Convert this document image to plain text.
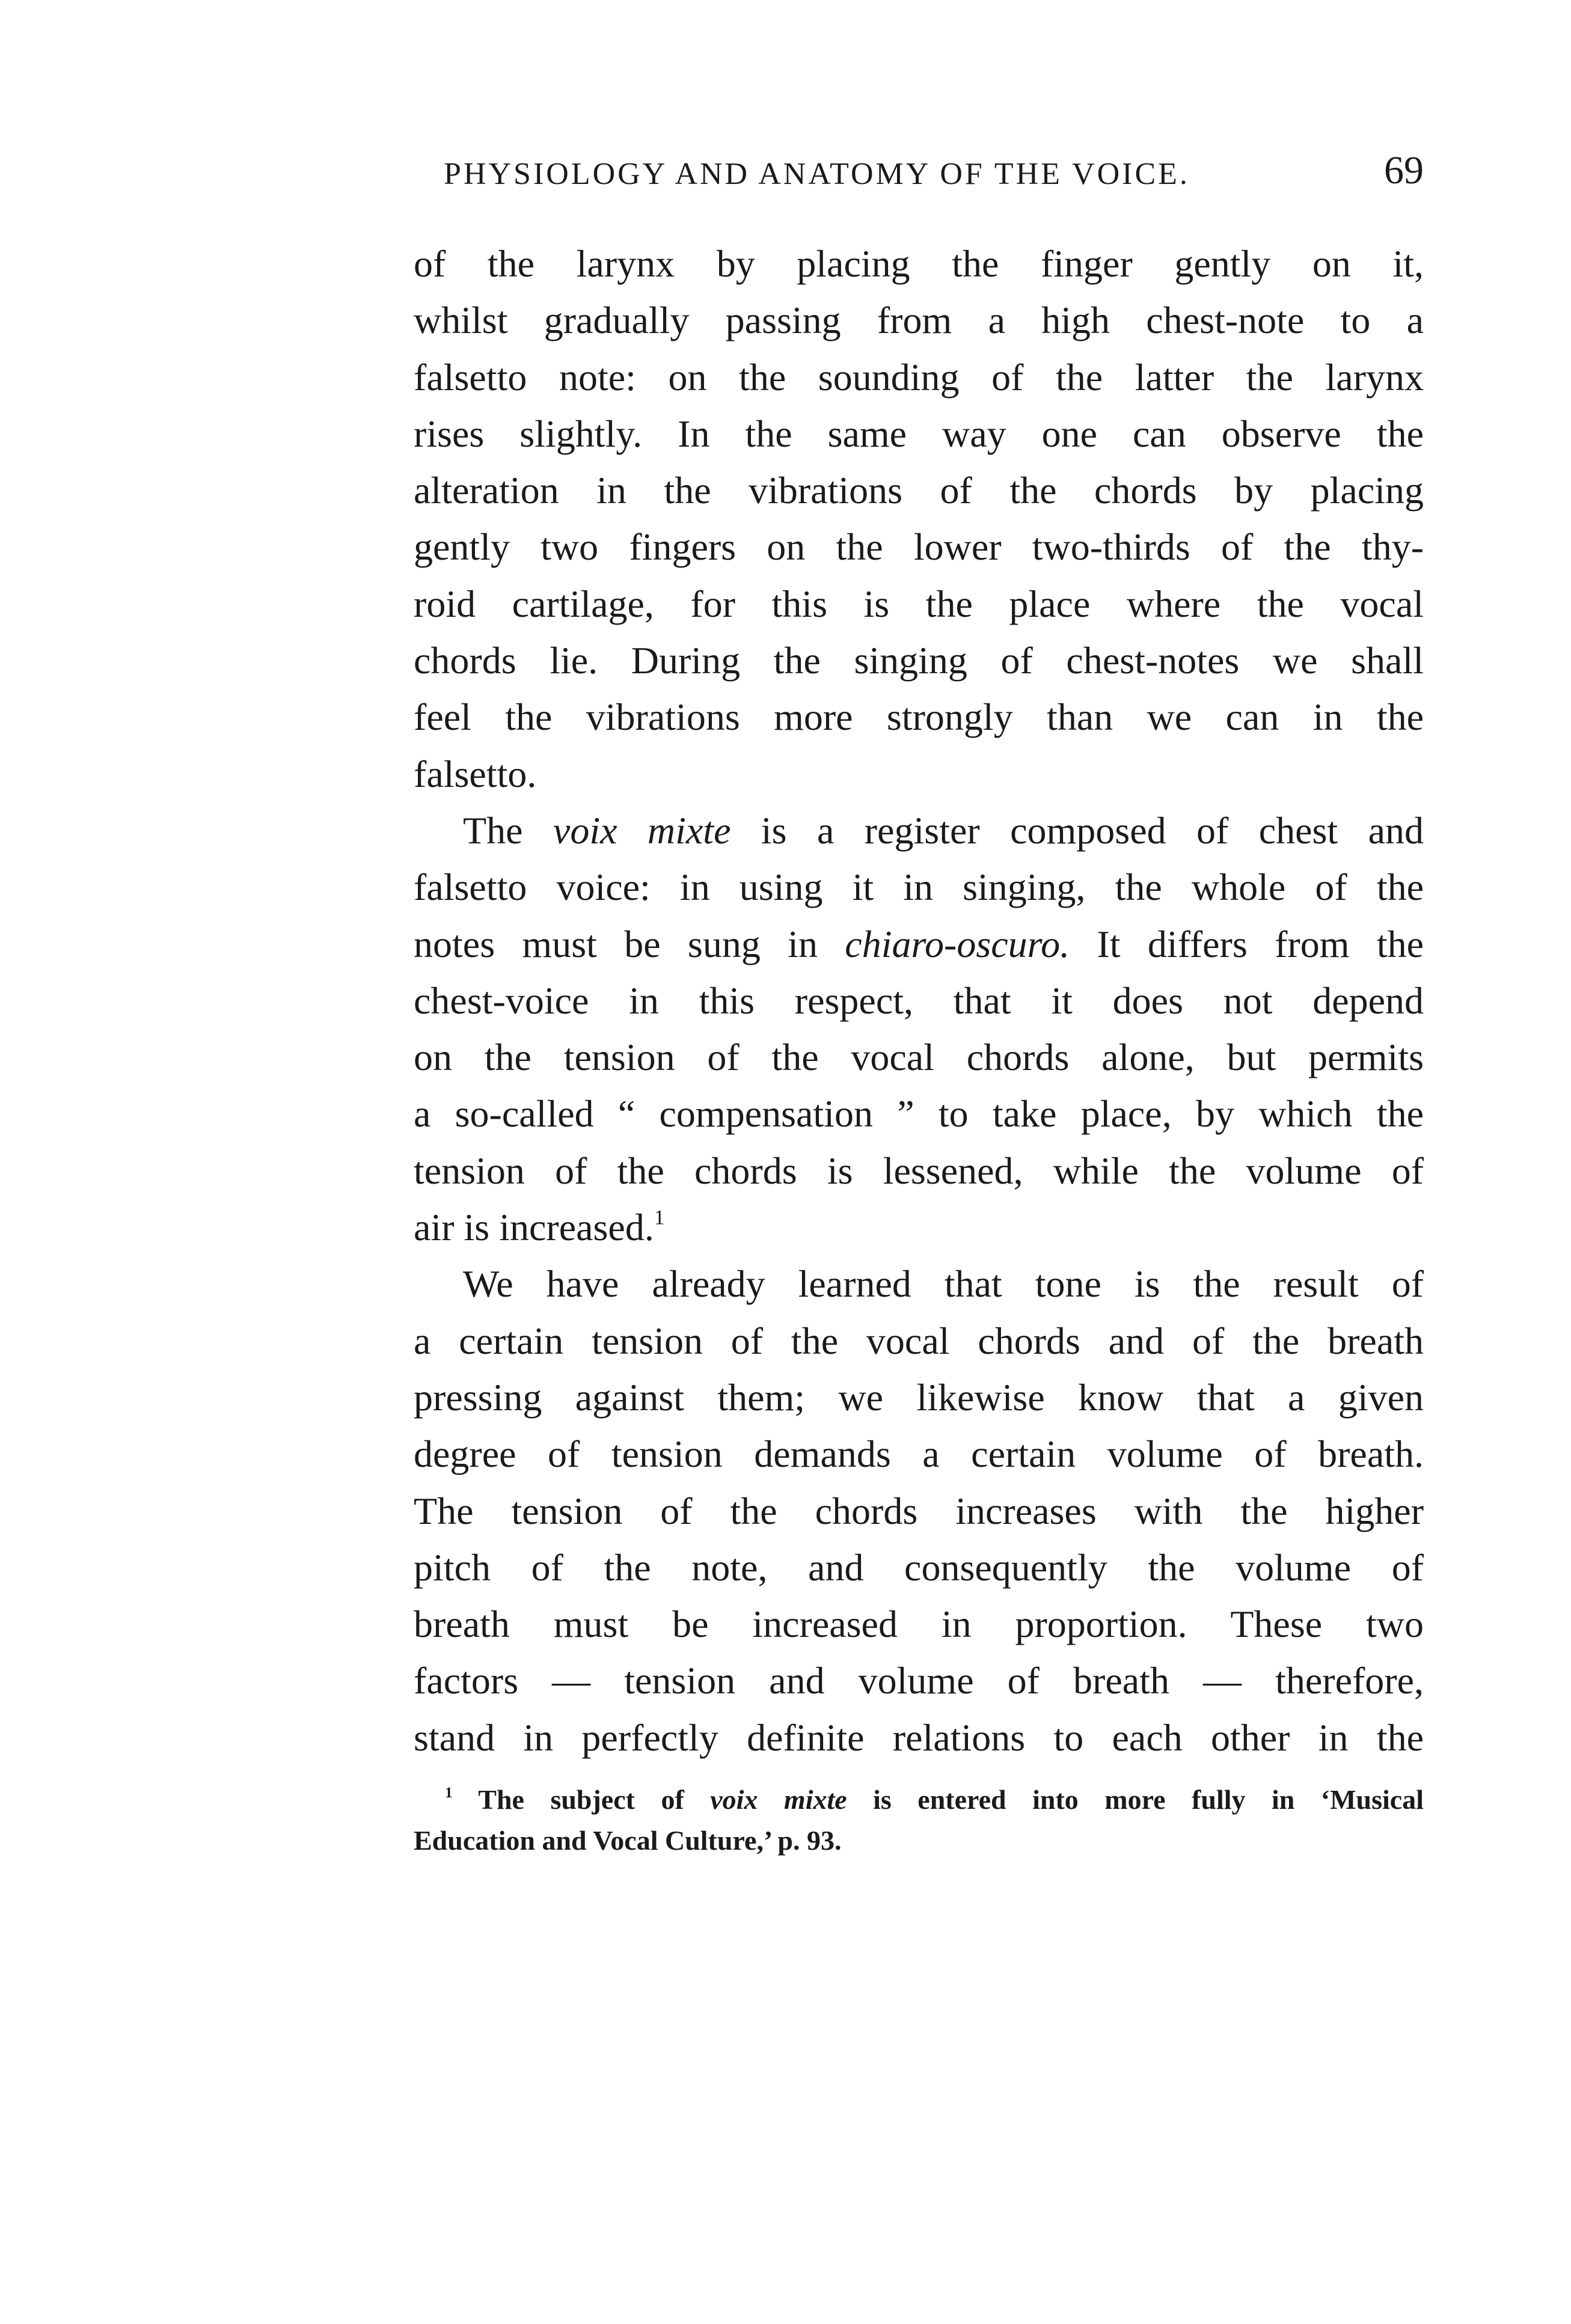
PHYSIOLOGY AND ANATOMY OF THE VOICE.	69
of the larynx by placing the finger gently on it,
whilst gradually passing from a high chest-note to a
falsetto note: on the sounding of the latter the larynx
rises slightly. In the same way one can observe the
alteration in the vibrations of the chords by placing
gently two fingers on the lower two-thirds of the thy-
roid cartilage, for this is the place where the vocal
chords lie. During the singing of chest-notes we shall
feel the vibrations more strongly than we can in the
falsetto.
The voix mixte is a register composed of chest and
falsetto voice: in using it in singing, the whole of the
notes must be sung in chiaro-oscuro. It differs from the
chest-voice in this respect, that it does not depend
on the tension of the vocal chords alone, but permits
a so-called “ compensation ” to take place, by which the
tension of the chords is lessened, while the volume of
air is increased.$^1$
We have already learned that tone is the result of
a certain tension of the vocal chords and of the breath
pressing against them; we likewise know that a given
degree of tension demands a certain volume of breath.
The tension of the chords increases with the higher
pitch of the note, and consequently the volume of
breath must be increased in proportion. These two
factors — tension and volume of breath — therefore,
stand in perfectly definite relations to each other in the
$^1$ The subject of voix mixte is entered into more fully in ‘Musical
Education and Vocal Culture,’ p. 93.
